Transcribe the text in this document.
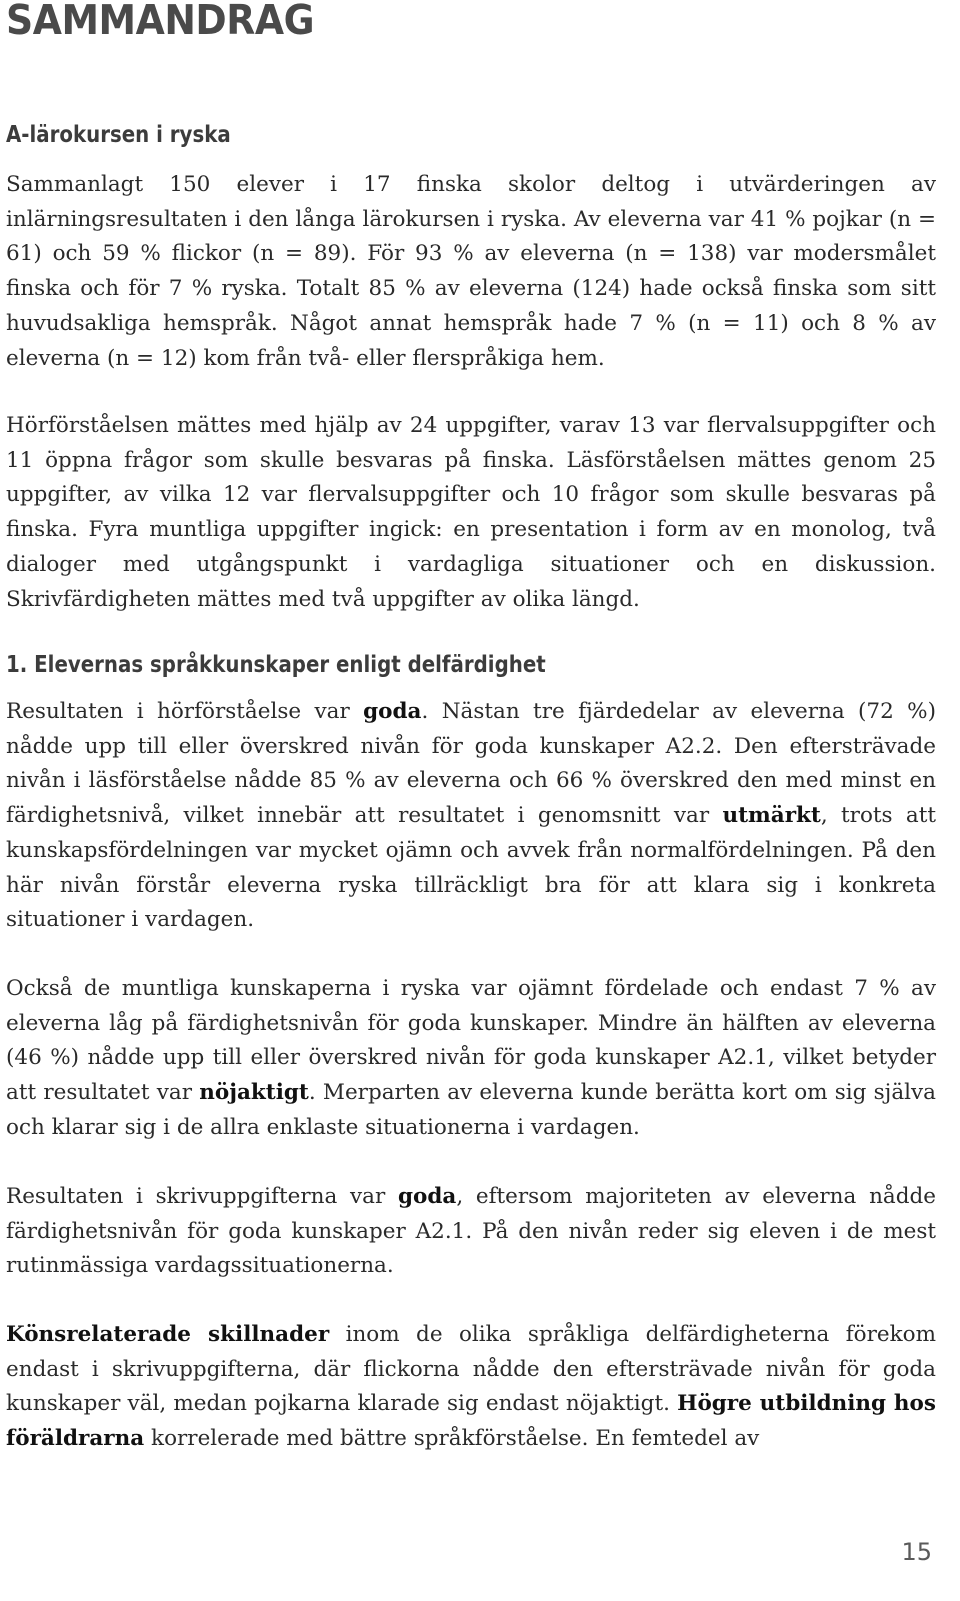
SAMMANDRAG
A-lärokursen i ryska

Sammanlagt 150 elever i 17 finska skolor deltog i utvärderingen av inlärningsresultaten i den långa lärokursen i ryska. Av eleverna var 41 % pojkar (n = 61) och 59 % flickor (n = 89). För 93 % av eleverna (n = 138) var modersmålet finska och för 7 % ryska. Totalt 85 % av eleverna (124) hade också finska som sitt huvudsakliga hemspråk. Något annat hemspråk hade 7 % (n = 11) och 8 % av eleverna (n = 12) kom från två- eller flerspråkiga hem.

Hörförståelsen mättes med hjälp av 24 uppgifter, varav 13 var flervalsuppgifter och 11 öppna frågor som skulle besvaras på finska. Läsförståelsen mättes genom 25 uppgifter, av vilka 12 var flervalsuppgifter och 10 frågor som skulle besvaras på finska. Fyra muntliga uppgifter ingick: en presentation i form av en monolog, två dialoger med utgångspunkt i vardagliga situationer och en diskussion. Skrivfärdigheten mättes med två uppgifter av olika längd.

1. Elevernas språkkunskaper enligt delfärdighet

Resultaten i hörförståelse var goda. Nästan tre fjärdedelar av eleverna (72 %) nådde upp till eller överskred nivån för goda kunskaper A2.2. Den eftersträvade nivån i läsförståelse nådde 85 % av eleverna och 66 % överskred den med minst en färdighetsnivå, vilket innebär att resultatet i genomsnitt var utmärkt, trots att kunskapsfördelningen var mycket ojämn och avvek från normalfördelningen. På den här nivån förstår eleverna ryska tillräckligt bra för att klara sig i konkreta situationer i vardagen.

Också de muntliga kunskaperna i ryska var ojämnt fördelade och endast 7 % av eleverna låg på färdighetsnivån för goda kunskaper. Mindre än hälften av eleverna (46 %) nådde upp till eller överskred nivån för goda kunskaper A2.1, vilket betyder att resultatet var nöjaktigt. Merparten av eleverna kunde berätta kort om sig själva och klarar sig i de allra enklaste situationerna i vardagen.

Resultaten i skrivuppgifterna var goda, eftersom majoriteten av eleverna nådde färdighetsnivån för goda kunskaper A2.1. På den nivån reder sig eleven i de mest rutinmässiga vardagssituationerna.

Könsrelaterade skillnader inom de olika språkliga delfärdigheterna förekom endast i skrivuppgifterna, där flickorna nådde den eftersträvade nivån för goda kunskaper väl, medan pojkarna klarade sig endast nöjaktigt. Högre utbildning hos föräldrarna korrelerade med bättre språkförståelse. En femtedel av

15
